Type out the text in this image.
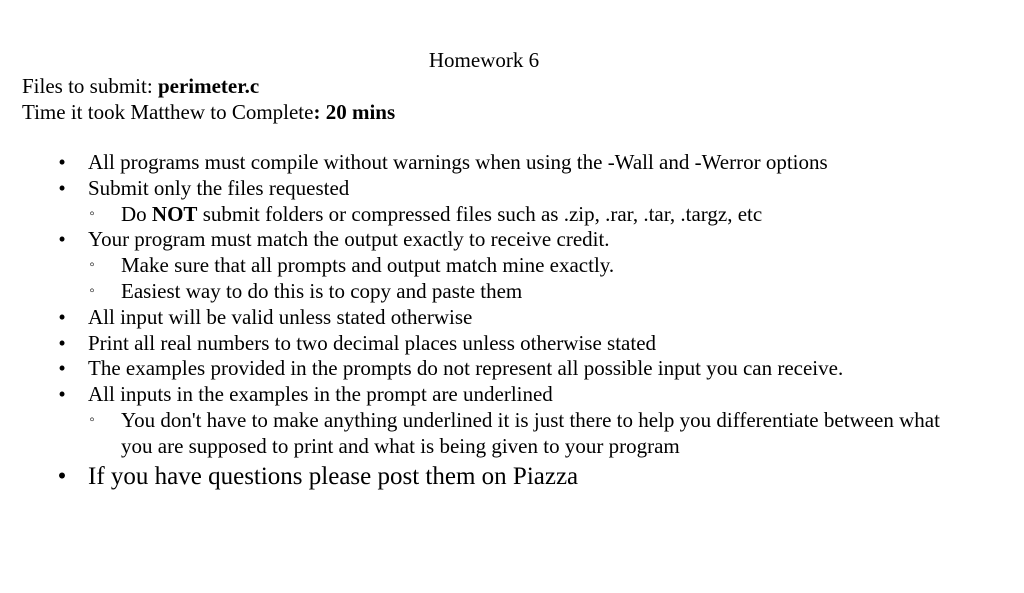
Homework 6
Files to submit: perimeter.c
Time it took Matthew to Complete: 20 mins
•	All programs must compile without warnings when using the -Wall and -Werror options
•	Submit only the files requested
◦ Do NOT submit folders or compressed files such as .zip, .rar, .tar, .targz, etc
•	Your program must match the output exactly to receive credit.
◦ Make sure that all prompts and output match mine exactly.
◦ Easiest way to do this is to copy and paste them
•	All input will be valid unless stated otherwise
•	Print all real numbers to two decimal places unless otherwise stated
•	The examples provided in the prompts do not represent all possible input you can receive.
•	All inputs in the examples in the prompt are underlined
◦ You don't have to make anything underlined it is just there to help you differentiate between what you are supposed to print and what is being given to your program
• If you have questions please post them on Piazza
